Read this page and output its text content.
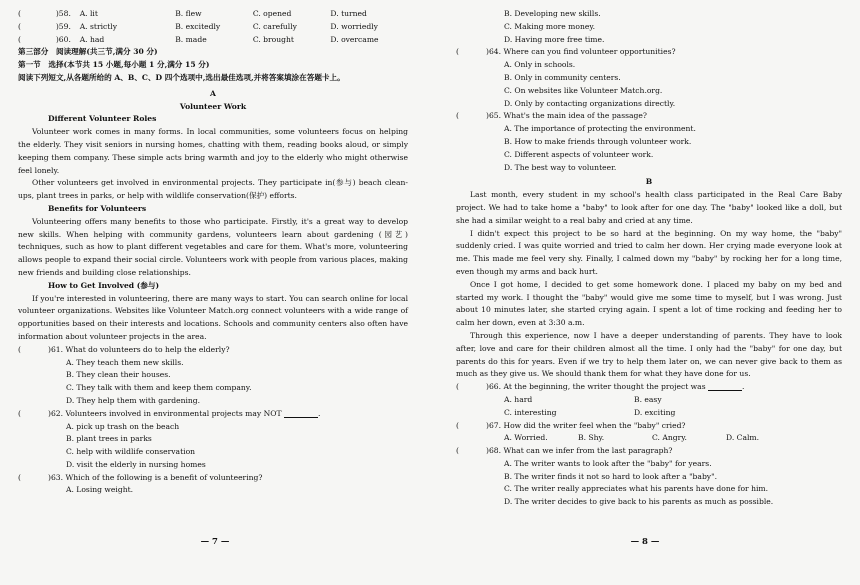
(	)58.	A. lit	B. flew	C. opened	D. turned
(	)59.	A. strictly	B. excitedly	C. carefully	D. worriedly
(	)60.	A. had	B. made	C. brought	D. overcame
第三部分　阅读理解(共三节,满分 30 分)
第一节　选择(本节共 15 小题,每小题 1 分,满分 15 分)
阅读下列短文,从各题所给的 A、B、C、D 四个选项中,选出最佳选项,并将答案填涂在答题卡上。
A
Volunteer Work
Different Volunteer Roles

Volunteer work comes in many forms. In local communities, some volunteers focus on helping the elderly. They visit seniors in nursing homes, chatting with them, reading books aloud, or simply keeping them company. These simple acts bring warmth and joy to the elderly who might otherwise feel lonely.

Other volunteers get involved in environmental projects. They participate in(参与) beach clean-ups, plant trees in parks, or help with wildlife conservation(保护) efforts.

Benefits for Volunteers

Volunteering offers many benefits to those who participate. Firstly, it's a great way to develop new skills. When helping with community gardens, volunteers learn about gardening (园艺) techniques, such as how to plant different vegetables and care for them. What's more, volunteering allows people to expand their social circle. Volunteers work with people from various places, making new friends and building close relationships.

How to Get Involved (参与)

If you're interested in volunteering, there are many ways to start. You can search online for local volunteer organizations. Websites like Volunteer Match.org connect volunteers with a wide range of opportunities based on their interests and locations. Schools and community centers also often have information about volunteer projects in the area.

(	)61.
What do volunteers do to help the elderly?
A. They teach them new skills.
B. They clean their houses.
C. They talk with them and keep them company.
D. They help them with gardening.
(	)62.
Volunteers involved in environmental projects may NOT
	.
A. pick up trash on the beach
B. plant trees in parks
C. help with wildlife conservation
D. visit the elderly in nursing homes
(	)63.
Which of the following is a benefit of volunteering?
A. Losing weight.
— 7 —
B. Developing new skills.
C. Making more money.
D. Having more free time.
(	)64.
Where can you find volunteer opportunities?
A. Only in schools.
B. Only in community centers.
C. On websites like Volunteer Match.org.
D. Only by contacting organizations directly.
(	)65.
What's the main idea of the passage?
A. The importance of protecting the environment.
B. How to make friends through volunteer work.
C. Different aspects of volunteer work.
D. The best way to volunteer.
B

Last month, every student in my school's health class participated in the Real Care Baby project. We had to take home a "baby" to look after for one day. The "baby" looked like a doll, but she had a similar weight to a real baby and cried at any time.

I didn't expect this project to be so hard at the beginning. On my way home, the "baby" suddenly cried. I was quite worried and tried to calm her down. Her crying made everyone look at me. This made me feel very shy. Finally, I calmed down my "baby" by rocking her for a long time, even though my arms and back hurt.

Once I got home, I decided to get some homework done. I placed my baby on my bed and started my work. I thought the "baby" would give me some time to myself, but I was wrong. Just about 10 minutes later, she started crying again. I spent a lot of time rocking and feeding her to calm her down, even at 3:30 a.m.

Through this experience, now I have a deeper understanding of parents. They have to look after, love and care for their children almost all the time. I only had the "baby" for one day, but parents do this for years. Even if we try to help them later on, we can never give back to them as much as they give us. We should thank them for what they have done for us.

(	)66.
At the beginning, the writer thought the project was
	.
A. hard	B. easy
C. interesting	D. exciting
(	)67.
How did the writer feel when the "baby" cried?
A. Worried.	B. Shy.	C. Angry.	D. Calm.
(	)68.
What can we infer from the last paragraph?
A. The writer wants to look after the "baby" for years.
B. The writer finds it not so hard to look after a "baby".
C. The writer really appreciates what his parents have done for him.
D. The writer decides to give back to his parents as much as possible.
— 8 —
